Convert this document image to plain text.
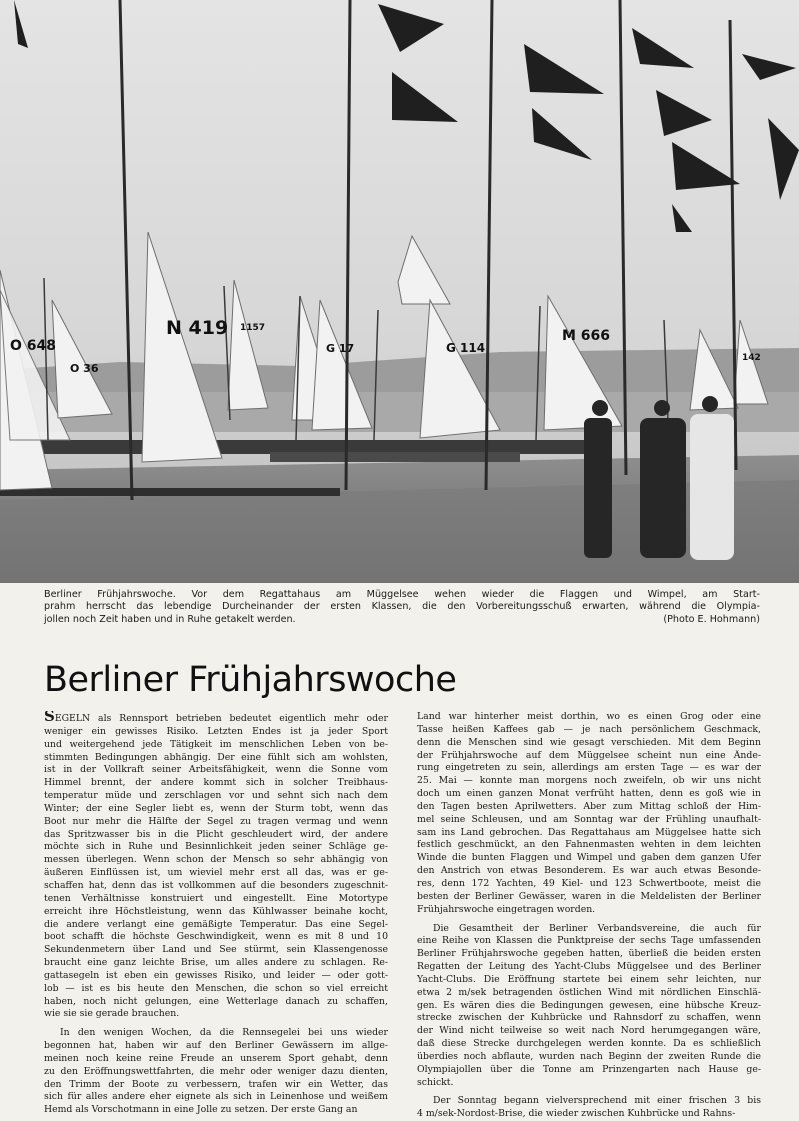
O 648
O 36
N 419 1157
G 17	G 114
M 666
142
Berliner Frühjahrswoche. Vor dem Regattahaus am Müggelsee wehen wieder die Flaggen und Wimpel, am Start-
prahm herrscht das lebendige Durcheinander der ersten Klassen, die den Vorbereitungsschuß erwarten, während die Olympia-
jollen noch Zeit haben und in Ruhe getakelt werden.	(Photo E. Hohmann)
Berliner Frühjahrswoche
SEGELN als Rennsport betrieben bedeutet eigentlich mehr oder
weniger ein gewisses Risiko. Letzten Endes ist ja jeder Sport
und weitergehend jede Tätigkeit im menschlichen Leben von be-
stimmten Bedingungen abhängig. Der eine fühlt sich am wohlsten,
ist in der Vollkraft seiner Arbeitsfähigkeit, wenn die Sonne vom
Himmel brennt, der andere kommt sich in solcher Treibhaus-
temperatur müde und zerschlagen vor und sehnt sich nach dem
Winter; der eine Segler liebt es, wenn der Sturm tobt, wenn das
Boot nur mehr die Hälfte der Segel zu tragen vermag und wenn
das Spritzwasser bis in die Plicht geschleudert wird, der andere
möchte sich in Ruhe und Besinnlichkeit jeden seiner Schläge ge-
messen überlegen. Wenn schon der Mensch so sehr abhängig von
äußeren Einflüssen ist, um wieviel mehr erst all das, was er ge-
schaffen hat, denn das ist vollkommen auf die besonders zugeschnit-
tenen Verhältnisse konstruiert und eingestellt. Eine Motortype
erreicht ihre Höchstleistung, wenn das Kühlwasser beinahe kocht,
die andere verlangt eine gemäßigte Temperatur. Das eine Segel-
boot schafft die höchste Geschwindigkeit, wenn es mit 8 und 10
Sekundenmetern über Land und See stürmt, sein Klassengenosse
braucht eine ganz leichte Brise, um alles andere zu schlagen. Re-
gattasegeln ist eben ein gewisses Risiko, und leider — oder gott-
lob — ist es bis heute den Menschen, die schon so viel erreicht
haben, noch nicht gelungen, eine Wetterlage danach zu schaffen,
wie sie sie gerade brauchen.
In den wenigen Wochen, da die Rennsegelei bei uns wieder
begonnen hat, haben wir auf den Berliner Gewässern im allge-
meinen noch keine reine Freude an unserem Sport gehabt, denn
zu den Eröffnungswettfahrten, die mehr oder weniger dazu dienten,
den Trimm der Boote zu verbessern, trafen wir ein Wetter, das
sich für alles andere eher eignete als sich in Leinenhose und weißem
Hemd als Vorschotmann in eine Jolle zu setzen. Der erste Gang an
Land war hinterher meist dorthin, wo es einen Grog oder eine
Tasse heißen Kaffees gab — je nach persönlichem Geschmack,
denn die Menschen sind wie gesagt verschieden. Mit dem Beginn
der Frühjahrswoche auf dem Müggelsee scheint nun eine Ände-
rung eingetreten zu sein, allerdings am ersten Tage — es war der
25. Mai — konnte man morgens noch zweifeln, ob wir uns nicht
doch um einen ganzen Monat verfrüht hatten, denn es goß wie in
den Tagen besten Aprilwetters. Aber zum Mittag schloß der Him-
mel seine Schleusen, und am Sonntag war der Frühling unaufhalt-
sam ins Land gebrochen. Das Regattahaus am Müggelsee hatte sich
festlich geschmückt, an den Fahnenmasten wehten in dem leichten
Winde die bunten Flaggen und Wimpel und gaben dem ganzen Ufer
den Anstrich von etwas Besonderem. Es war auch etwas Besonde-
res, denn 172 Yachten, 49 Kiel- und 123 Schwertboote, meist die
besten der Berliner Gewässer, waren in die Meldelisten der Berliner
Frühjahrswoche eingetragen worden.
Die Gesamtheit der Berliner Verbandsvereine, die auch für
eine Reihe von Klassen die Punktpreise der sechs Tage umfassenden
Berliner Frühjahrswoche gegeben hatten, überließ die beiden ersten
Regatten der Leitung des Yacht-Clubs Müggelsee und des Berliner
Yacht-Clubs. Die Eröffnung startete bei einem sehr leichten, nur
etwa 2 m/sek betragenden östlichen Wind mit nördlichen Einschlä-
gen. Es wären dies die Bedingungen gewesen, eine hübsche Kreuz-
strecke zwischen der Kuhbrücke und Rahnsdorf zu schaffen, wenn
der Wind nicht teilweise so weit nach Nord herumgegangen wäre,
daß diese Strecke durchgelegen werden konnte. Da es schließlich
überdies noch abflaute, wurden nach Beginn der zweiten Runde die
Olympiajollen über die Tonne am Prinzengarten nach Hause ge-
schickt.
Der Sonntag begann vielversprechend mit einer frischen 3 bis
4 m/sek-Nordost-Brise, die wieder zwischen Kuhbrücke und Rahns-
